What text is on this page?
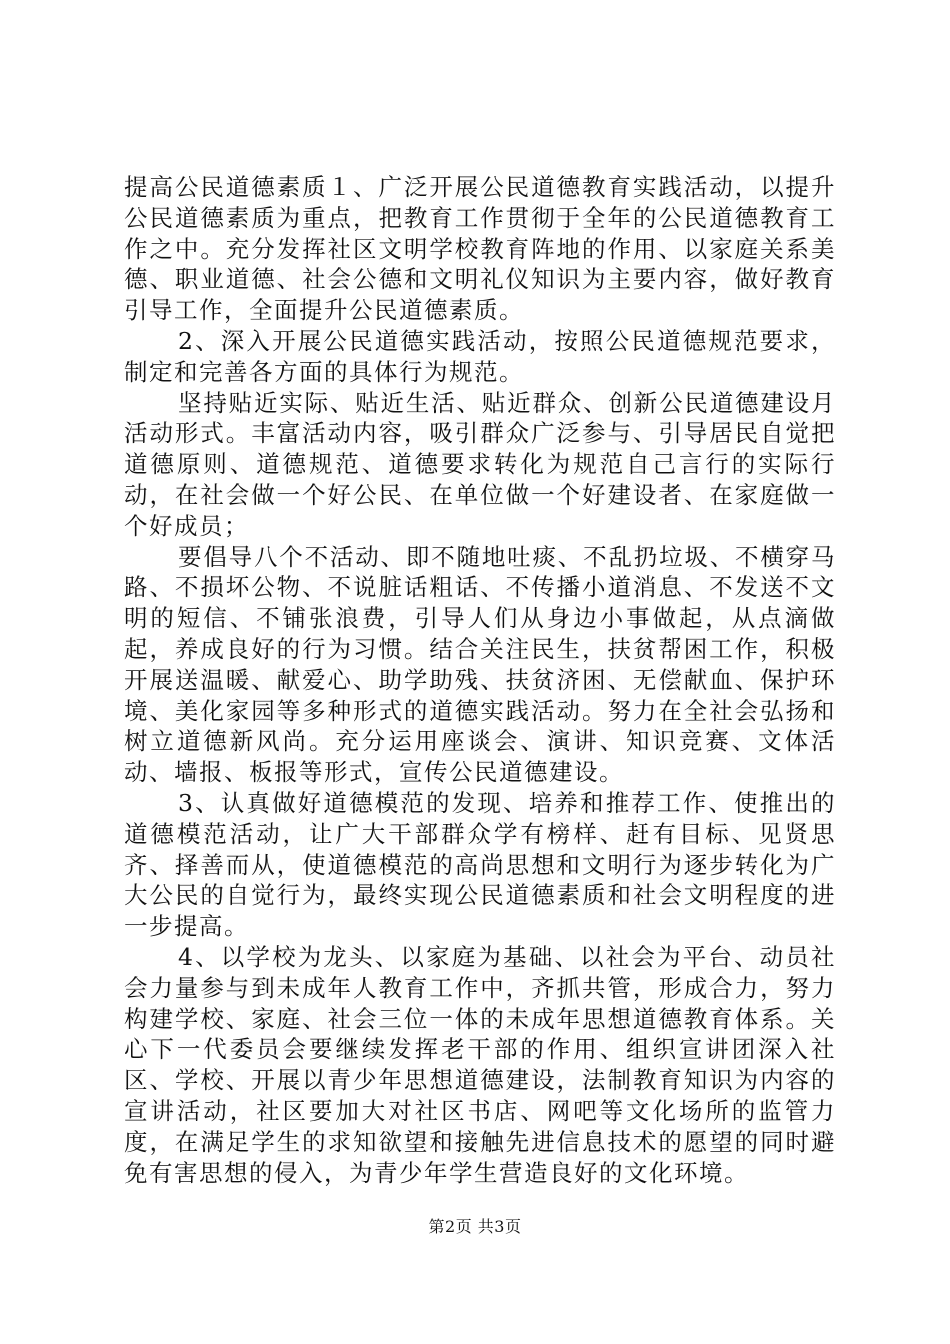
提高公民道德素质１、广泛开展公民道德教育实践活动，以提升公民道德素质为重点，把教育工作贯彻于全年的公民道德教育工作之中。充分发挥社区文明学校教育阵地的作用、以家庭关系美德、职业道德、社会公德和文明礼仪知识为主要内容，做好教育引导工作，全面提升公民道德素质。

2、深入开展公民道德实践活动，按照公民道德规范要求，制定和完善各方面的具体行为规范。

坚持贴近实际、贴近生活、贴近群众、创新公民道德建设月活动形式。丰富活动内容，吸引群众广泛参与、引导居民自觉把道德原则、道德规范、道德要求转化为规范自己言行的实际行动，在社会做一个好公民、在单位做一个好建设者、在家庭做一个好成员；

要倡导八个不活动、即不随地吐痰、不乱扔垃圾、不横穿马路、不损坏公物、不说脏话粗话、不传播小道消息、不发送不文明的短信、不铺张浪费，引导人们从身边小事做起，从点滴做起，养成良好的行为习惯。结合关注民生，扶贫帮困工作，积极开展送温暖、献爱心、助学助残、扶贫济困、无偿献血、保护环境、美化家园等多种形式的道德实践活动。努力在全社会弘扬和树立道德新风尚。充分运用座谈会、演讲、知识竞赛、文体活动、墙报、板报等形式，宣传公民道德建设。

3、认真做好道德模范的发现、培养和推荐工作、使推出的道德模范活动，让广大干部群众学有榜样、赶有目标、见贤思齐、择善而从，使道德模范的高尚思想和文明行为逐步转化为广大公民的自觉行为，最终实现公民道德素质和社会文明程度的进一步提高。

4、以学校为龙头、以家庭为基础、以社会为平台、动员社会力量参与到未成年人教育工作中，齐抓共管，形成合力，努力构建学校、家庭、社会三位一体的未成年思想道德教育体系。关心下一代委员会要继续发挥老干部的作用、组织宣讲团深入社区、学校、开展以青少年思想道德建设，法制教育知识为内容的宣讲活动，社区要加大对社区书店、网吧等文化场所的监管力度，在满足学生的求知欲望和接触先进信息技术的愿望的同时避免有害思想的侵入，为青少年学生营造良好的文化环境。

第2页 共3页
